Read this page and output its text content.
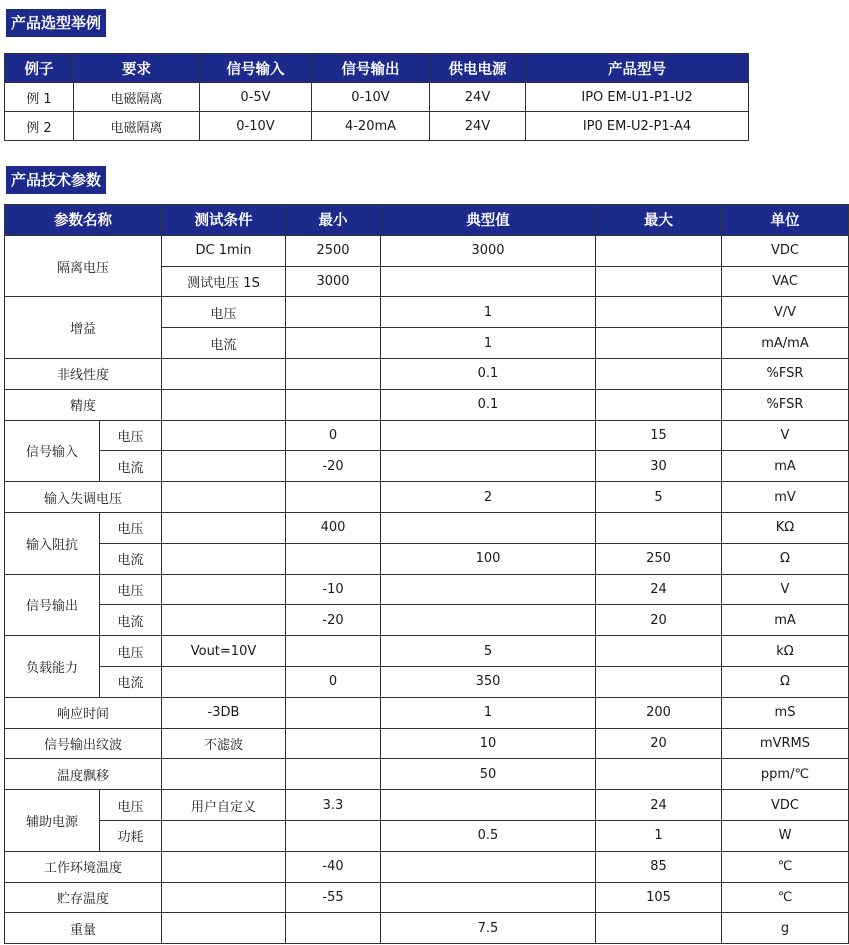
产品选型举例
例子	要求	信号输入	信号输出	供电电源	产品型号
例 1	电磁隔离	0-5V	0-10V	24V	IPO EM-U1-P1-U2
例 2	电磁隔离	0-10V	4-20mA	24V	IP0 EM-U2-P1-A4
产品技术参数
参数名称		测试条件	最小	典型值	最大	单位
隔离电压		DC 1min	2500	3000		VDC
		测试电压 1S	3000			VAC
增益		电压		1		V/V
		电流		1		mA/mA
非线性度				0.1		%FSR
精度				0.1		%FSR
信号输入	电压		0		15	V
	电流		-20		30	mA
输入失调电压				2	5	mV
输入阻抗	电压		400			KΩ
	电流			100	250	Ω
信号输出	电压		-10		24	V
	电流		-20		20	mA
负载能力	电压	Vout=10V		5		kΩ
	电流		0	350		Ω
响应时间		-3DB		1	200	mS
信号输出纹波		不滤波		10	20	mVRMS
温度飘移				50		ppm/℃
辅助电源	电压	用户自定义	3.3		24	VDC
	功耗			0.5	1	W
工作环境温度			-40		85	℃
贮存温度			-55		105	℃
重量				7.5		g
